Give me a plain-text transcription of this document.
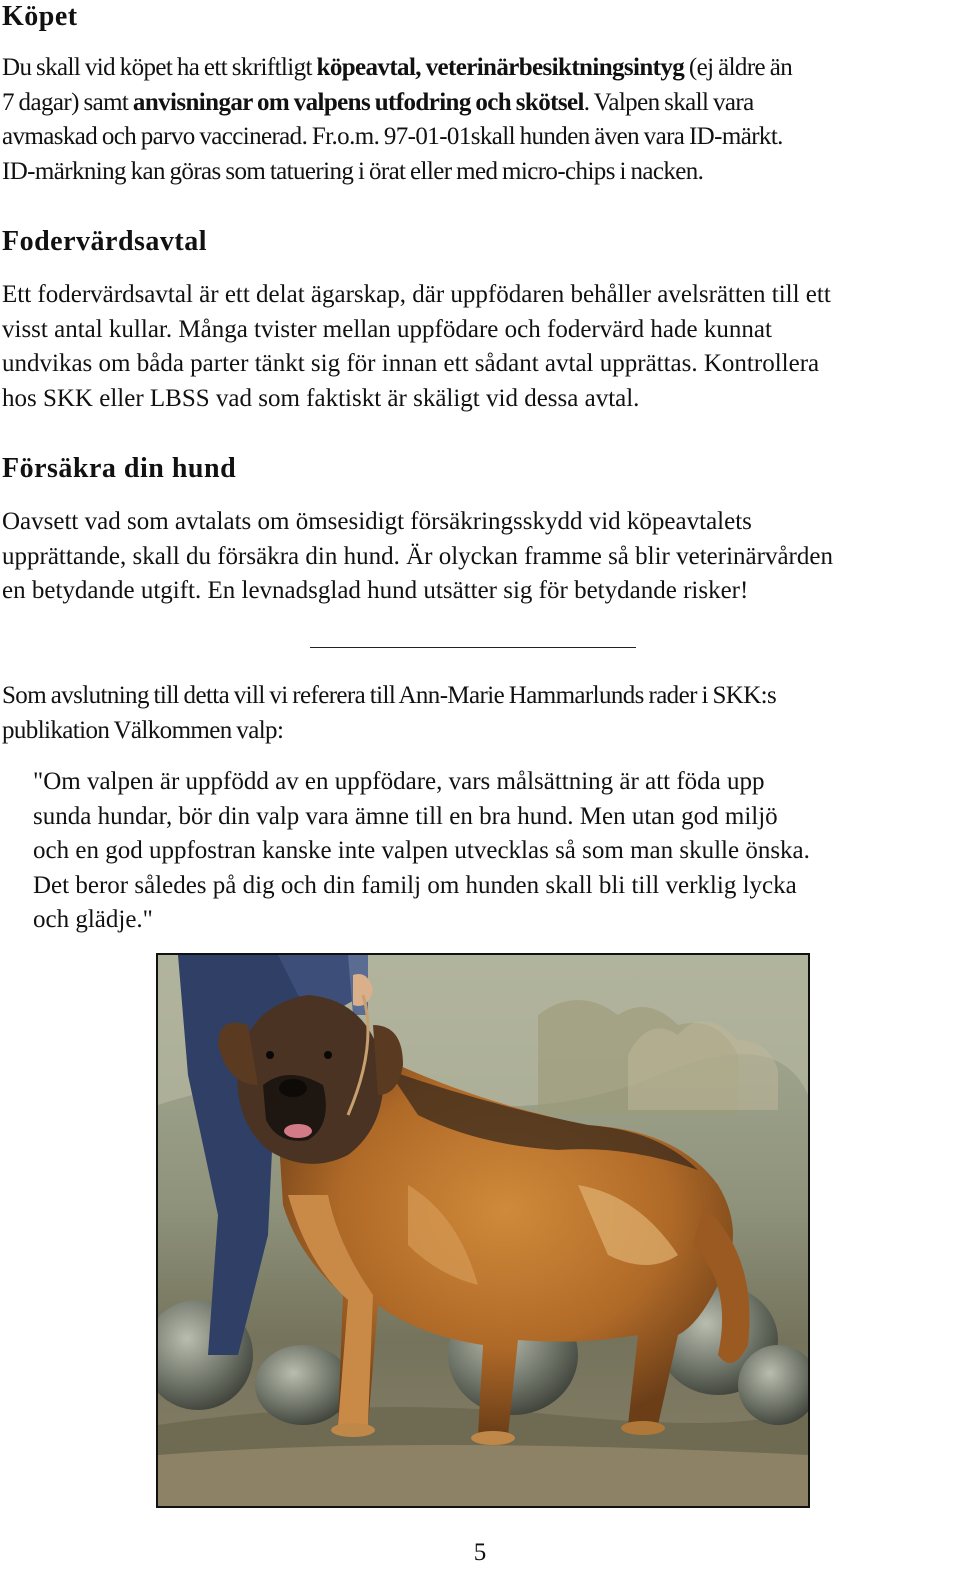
Köpet
Du skall vid köpet ha ett skriftligt köpeavtal, veterinärbesiktningsintyg (ej äldre än
7 dagar) samt anvisningar om valpens utfodring och skötsel. Valpen skall vara
avmaskad och parvo vaccinerad. Fr.o.m. 97-01-01skall hunden även vara ID-märkt.
ID-märkning kan göras som tatuering i örat eller med micro-chips i nacken.
Fodervärdsavtal
Ett fodervärdsavtal är ett delat ägarskap, där uppfödaren behåller avelsrätten till ett
visst antal kullar. Många tvister mellan uppfödare och fodervärd hade kunnat
undvikas om båda parter tänkt sig för innan ett sådant avtal upprättas. Kontrollera
hos SKK eller LBSS vad som faktiskt är skäligt vid dessa avtal.
Försäkra din hund
Oavsett vad som avtalats om ömsesidigt försäkringsskydd vid köpeavtalets
upprättande, skall du försäkra din hund. Är olyckan framme så blir veterinärvården
en betydande utgift. En levnadsglad hund utsätter sig för betydande risker!
Som avslutning till detta vill vi referera till Ann-Marie Hammarlunds rader i SKK:s
publikation Välkommen valp:
"Om valpen är uppfödd av en uppfödare, vars målsättning är att föda upp
sunda hundar, bör din valp vara ämne till en bra hund. Men utan god miljö
och en god uppfostran kanske inte valpen utvecklas så som man skulle önska.
Det beror således på dig och din familj om hunden skall bli till verklig lycka
och glädje."
5
